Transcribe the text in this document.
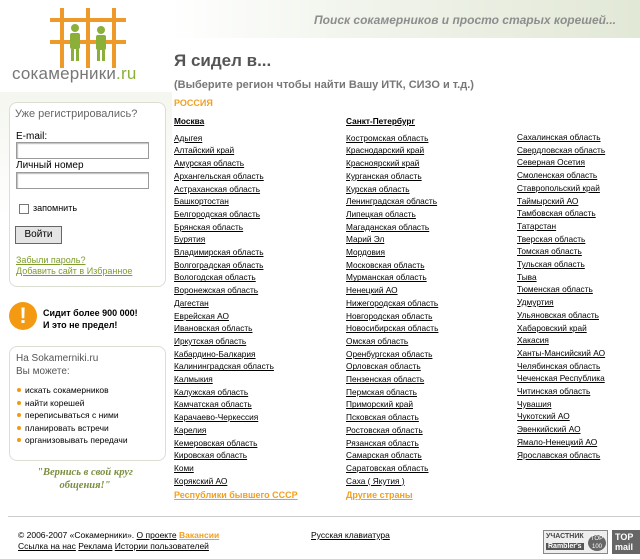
Поиск сокамерников и просто старых корешей...
сокамерники.ru
Уже регистрировались?
E-mail:
Личный номер
запомнить
Войти
Забыли пароль?
Добавить сайт в Избранное
!	Сидит более 900 000!
И это не предел!
На Sokamerniki.ru
Вы можете:
искать сокамерников
найти корешей
переписываться с ними
планировать встречи
организовывать передачи
"Вернись в свой круг
общения!"
Я сидел в...
(Выберите регион чтобы найти Вашу ИТК, СИЗО и т.д.)
РОССИЯ
Москва
Адыгея
Алтайский край
Амурская область
Архангельская область
Астраханская область
Башкортостан
Белгородская область
Брянская область
Бурятия
Владимирская область
Волгоградская область
Вологодская область
Воронежская область
Дагестан
Еврейская АО
Ивановская область
Иркутская область
Кабардино-Балкария
Калининградская область
Калмыкия
Калужская область
Камчатская область
Карачаево-Черкессия
Карелия
Кемеровская область
Кировская область
Коми
Корякский АО
Санкт-Петербург
Костромская область
Краснодарский край
Красноярский край
Курганская область
Курская область
Ленинградская область
Липецкая область
Магаданская область
Марий Эл
Мордовия
Московская область
Мурманская область
Ненецкий АО
Нижегородская область
Новгородская область
Новосибирская область
Омская область
Оренбургская область
Орловская область
Пензенская область
Пермская область
Приморский край
Псковская область
Ростовская область
Рязанская область
Самарская область
Саратовская область
Саха ( Якутия )
Сахалинская область
Свердловская область
Северная Осетия
Смоленская область
Ставропольский край
Таймырский АО
Тамбовская область
Татарстан
Тверская область
Томская область
Тульская область
Тыва
Тюменская область
Удмуртия
Ульяновская область
Хабаровский край
Хакасия
Ханты-Мансийский АО
Челябинская область
Чеченская Республика
Читинская область
Чувашия
Чукотский АО
Эвенкийский АО
Ямало-Ненецкий АО
Ярославская область
Республики бывшего СССР	Другие страны
© 2006-2007 «Сокамерники». О проекте Вакансии	Русская клавиатура
Ссылка на нас Реклама Истории пользователей
УЧАСТНИК
Rambler's
TOP 100
TOP mail
